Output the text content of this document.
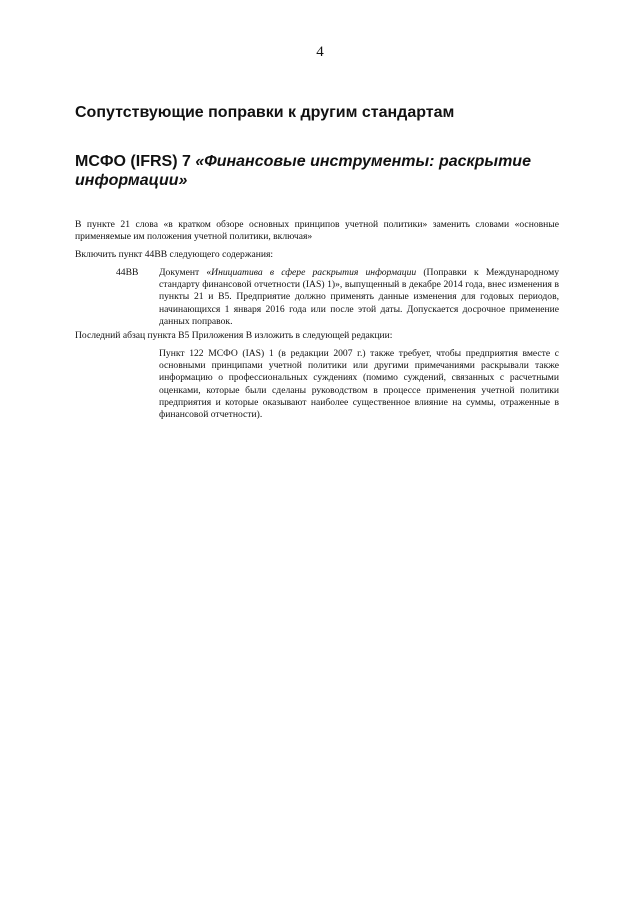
4
Сопутствующие поправки к другим стандартам
МСФО (IFRS) 7 «Финансовые инструменты: раскрытие информации»
В пункте 21 слова «в кратком обзоре основных принципов учетной политики» заменить словами «основные применяемые им положения учетной политики, включая»
Включить пункт 44ВВ следующего содержания:
44ВВ Документ «Инициатива в сфере раскрытия информации (Поправки к Международному стандарту финансовой отчетности (IAS) 1)», выпущенный в декабре 2014 года, внес изменения в пункты 21 и В5. Предприятие должно применять данные изменения для годовых периодов, начинающихся 1 января 2016 года или после этой даты. Допускается досрочное применение данных поправок.
Последний абзац пункта В5 Приложения В изложить в следующей редакции:
Пункт 122 МСФО (IAS) 1 (в редакции 2007 г.) также требует, чтобы предприятия вместе с основными принципами учетной политики или другими примечаниями раскрывали также информацию о профессиональных суждениях (помимо суждений, связанных с расчетными оценками, которые были сделаны руководством в процессе применения учетной политики предприятия и которые оказывают наиболее существенное влияние на суммы, отраженные в финансовой отчетности).
